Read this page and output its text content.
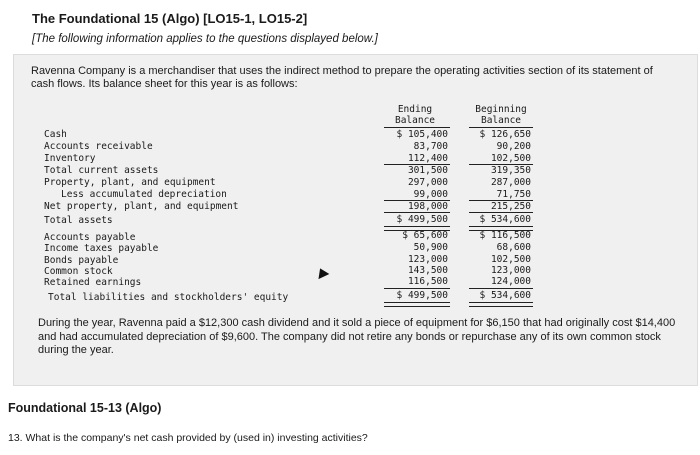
The Foundational 15 (Algo) [LO15-1, LO15-2]
[The following information applies to the questions displayed below.]
Ravenna Company is a merchandiser that uses the indirect method to prepare the operating activities section of its statement of cash flows. Its balance sheet for this year is as follows:
Ending
Balance
Beginning
Balance
Cash	$ 105,400	$ 126,650
Accounts receivable	83,700	90,200
Inventory	112,400	102,500
Total current assets	301,500	319,350
Property, plant, and equipment	297,000	287,000
Less accumulated depreciation	99,000	71,750
Net property, plant, and equipment	198,000	215,250
Total assets	$ 499,500	$ 534,600
Accounts payable	$ 65,600	$ 116,500
Income taxes payable	50,900	68,600
Bonds payable	123,000	102,500
Common stock	143,500	123,000
Retained earnings	116,500	124,000
Total liabilities and stockholders' equity	$ 499,500	$ 534,600
During the year, Ravenna paid a $12,300 cash dividend and it sold a piece of equipment for $6,150 that had originally cost $14,400 and had accumulated depreciation of $9,600. The company did not retire any bonds or repurchase any of its own common stock during the year.
Foundational 15-13 (Algo)
13. What is the company's net cash provided by (used in) investing activities?
